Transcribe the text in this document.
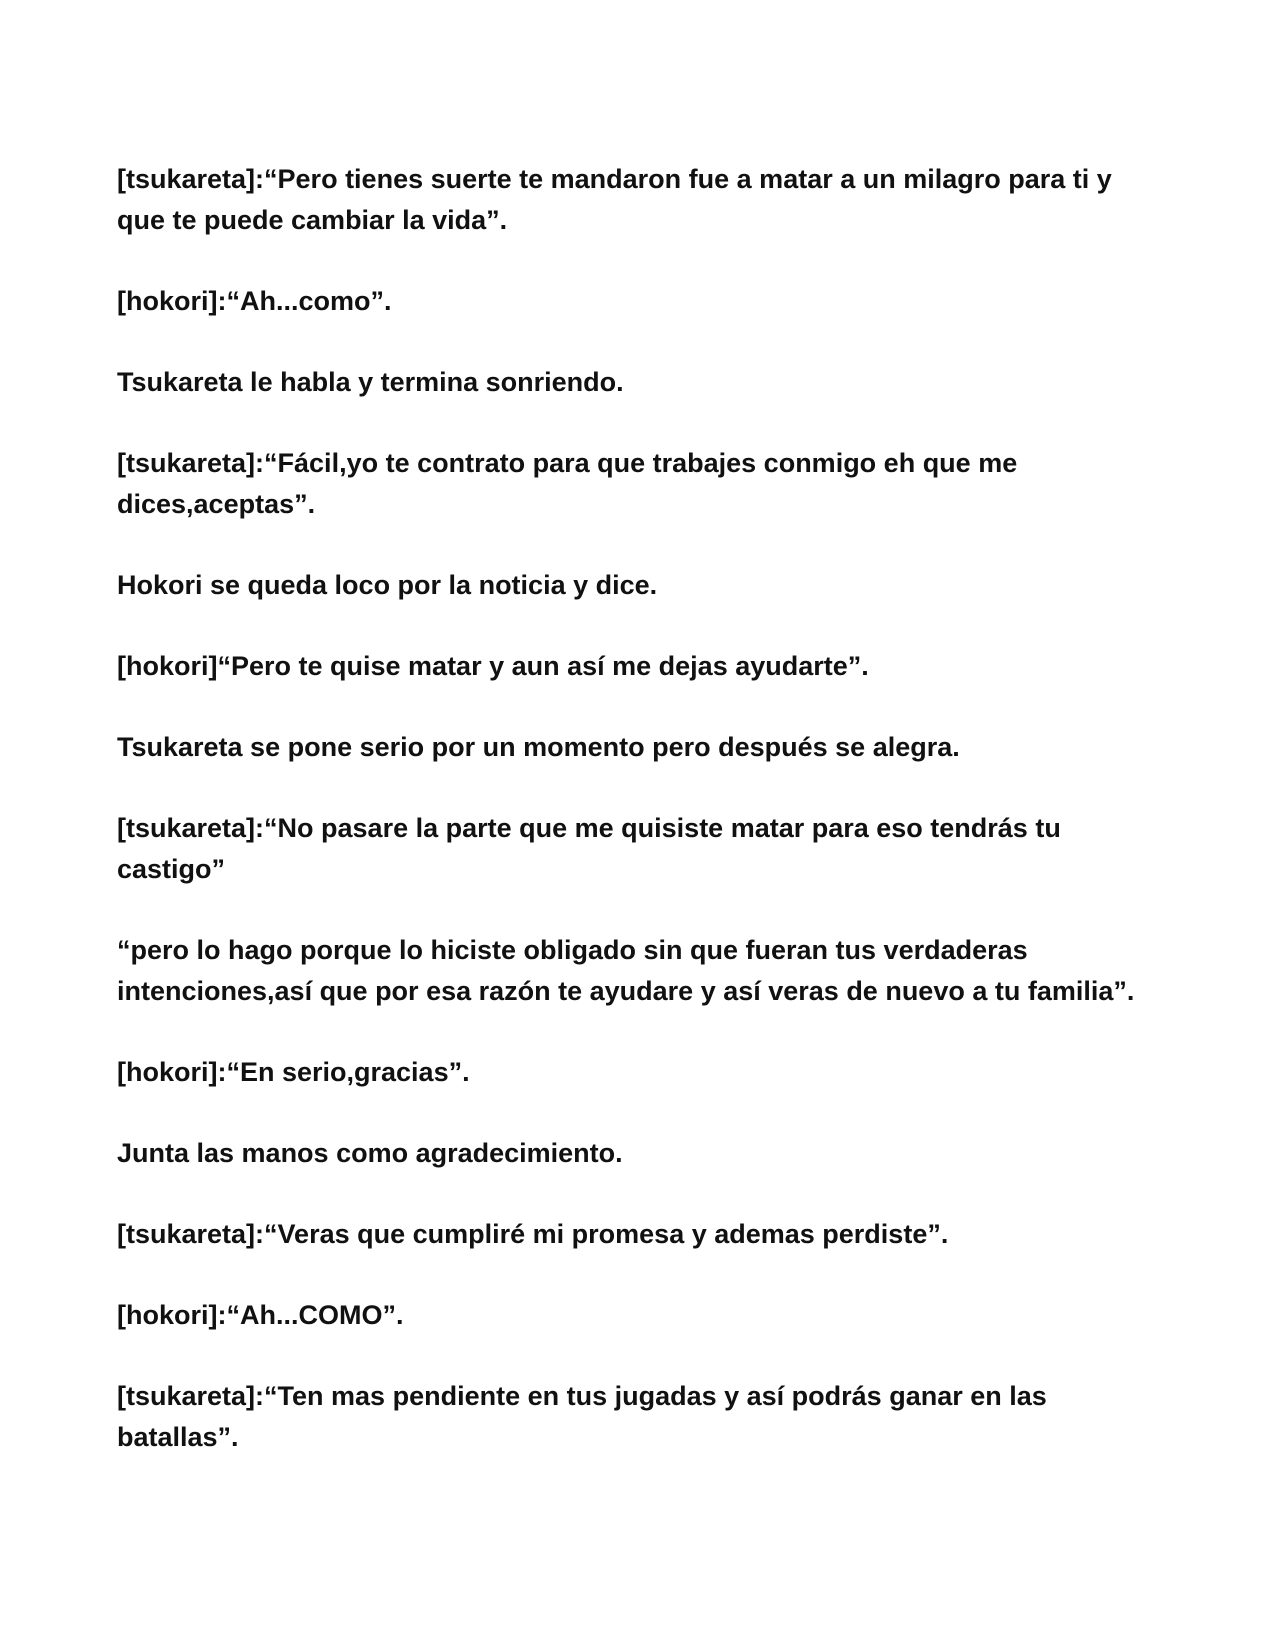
[tsukareta]:“Pero tienes suerte te mandaron fue a matar a un milagro para ti y que te puede cambiar la vida”.

[hokori]:“Ah...como”.

Tsukareta le habla y termina sonriendo.

[tsukareta]:“Fácil,yo te contrato para que trabajes conmigo eh que me dices,aceptas”.

Hokori se queda loco por la noticia y dice.

[hokori]“Pero te quise matar y aun así me dejas ayudarte”.

Tsukareta se pone serio por un momento pero después se alegra.

[tsukareta]:“No pasare la parte que me quisiste matar para eso tendrás tu castigo”

“pero lo hago porque lo hiciste obligado sin que fueran tus verdaderas intenciones,así que por esa razón te ayudare y así veras de nuevo a tu familia”.

[hokori]:“En serio,gracias”.

Junta las manos como agradecimiento.

[tsukareta]:“Veras que cumpliré mi promesa y ademas perdiste”.

[hokori]:“Ah...COMO”.

[tsukareta]:“Ten mas pendiente en tus jugadas y así podrás ganar en las batallas”.
